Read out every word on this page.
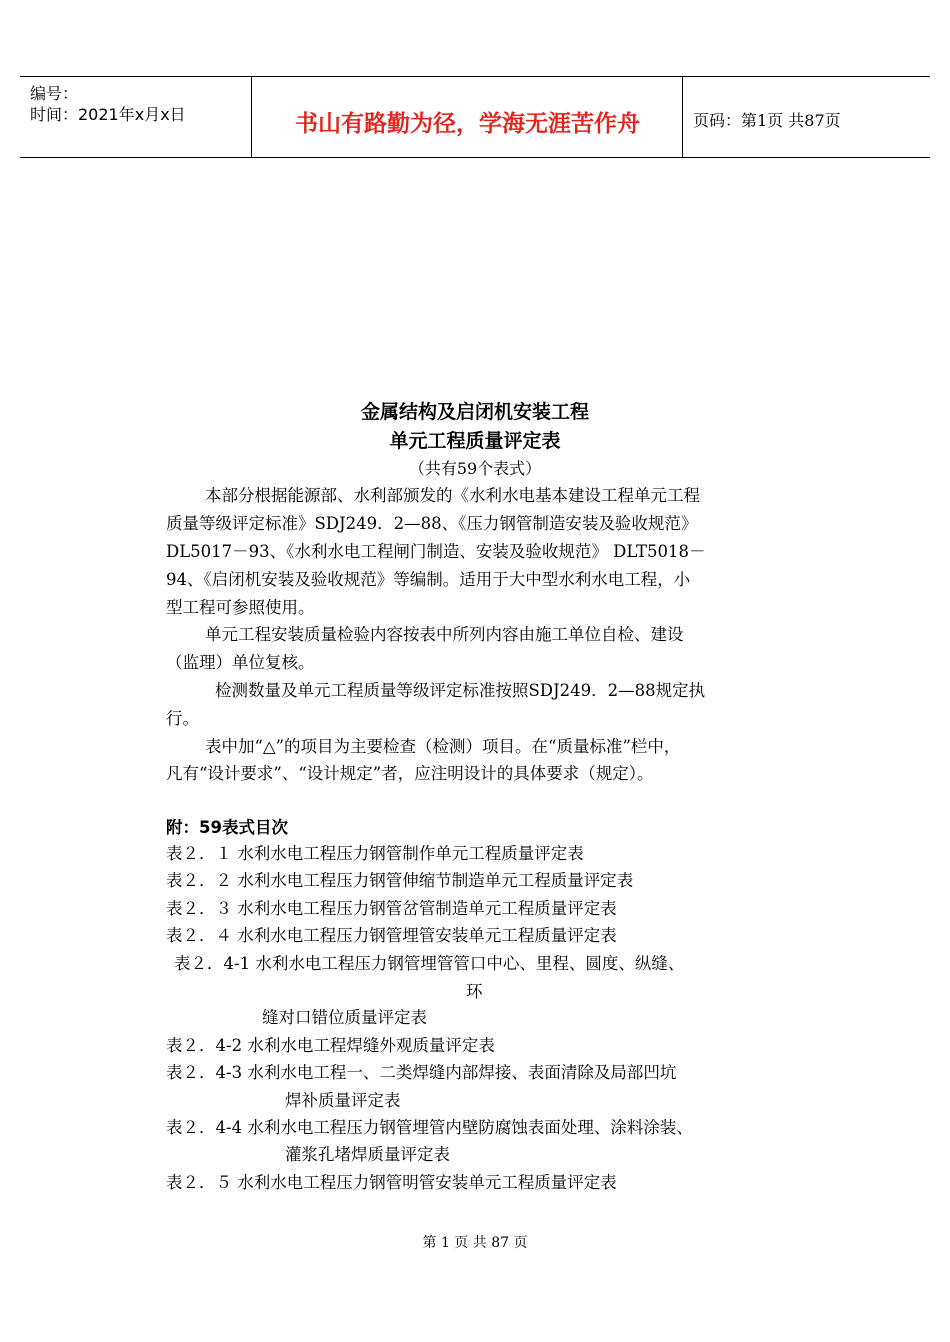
编号：
时间：2021年x月x日	书山有路勤为径，学海无涯苦作舟	页码：第1页 共87页
金属结构及启闭机安装工程
单元工程质量评定表
（共有59个表式）
本部分根据能源部、水利部颁发的《水利水电基本建设工程单元工程
质量等级评定标准》SDJ249．2—88、《压力钢管制造安装及验收规范》
DL5017－93、《水利水电工程闸门制造、安装及验收规范》 DLT5018－
94、《启闭机安装及验收规范》等编制。适用于大中型水利水电工程，小
型工程可参照使用。
单元工程安装质量检验内容按表中所列内容由施工单位自检、建设
（监理）单位复核。
检测数量及单元工程质量等级评定标准按照SDJ249．2—88规定执
行。
表中加“△”的项目为主要检查（检测）项目。在“质量标准”栏中，
凡有“设计要求”、“设计规定”者，应注明设计的具体要求（规定）。
附：59表式目次
表２．１ 水利水电工程压力钢管制作单元工程质量评定表
表２．２ 水利水电工程压力钢管伸缩节制造单元工程质量评定表
表２．３ 水利水电工程压力钢管岔管制造单元工程质量评定表
表２．４ 水利水电工程压力钢管埋管安装单元工程质量评定表
表２．4-1 水利水电工程压力钢管埋管管口中心、里程、圆度、纵缝、
环
缝对口错位质量评定表
表２．4-2 水利水电工程焊缝外观质量评定表
表２．4-3 水利水电工程一、二类焊缝内部焊接、表面清除及局部凹坑
焊补质量评定表
表２．4-4 水利水电工程压力钢管埋管内壁防腐蚀表面处理、涂料涂装、
灌浆孔堵焊质量评定表
表２．５ 水利水电工程压力钢管明管安装单元工程质量评定表
第 1 页 共 87 页
